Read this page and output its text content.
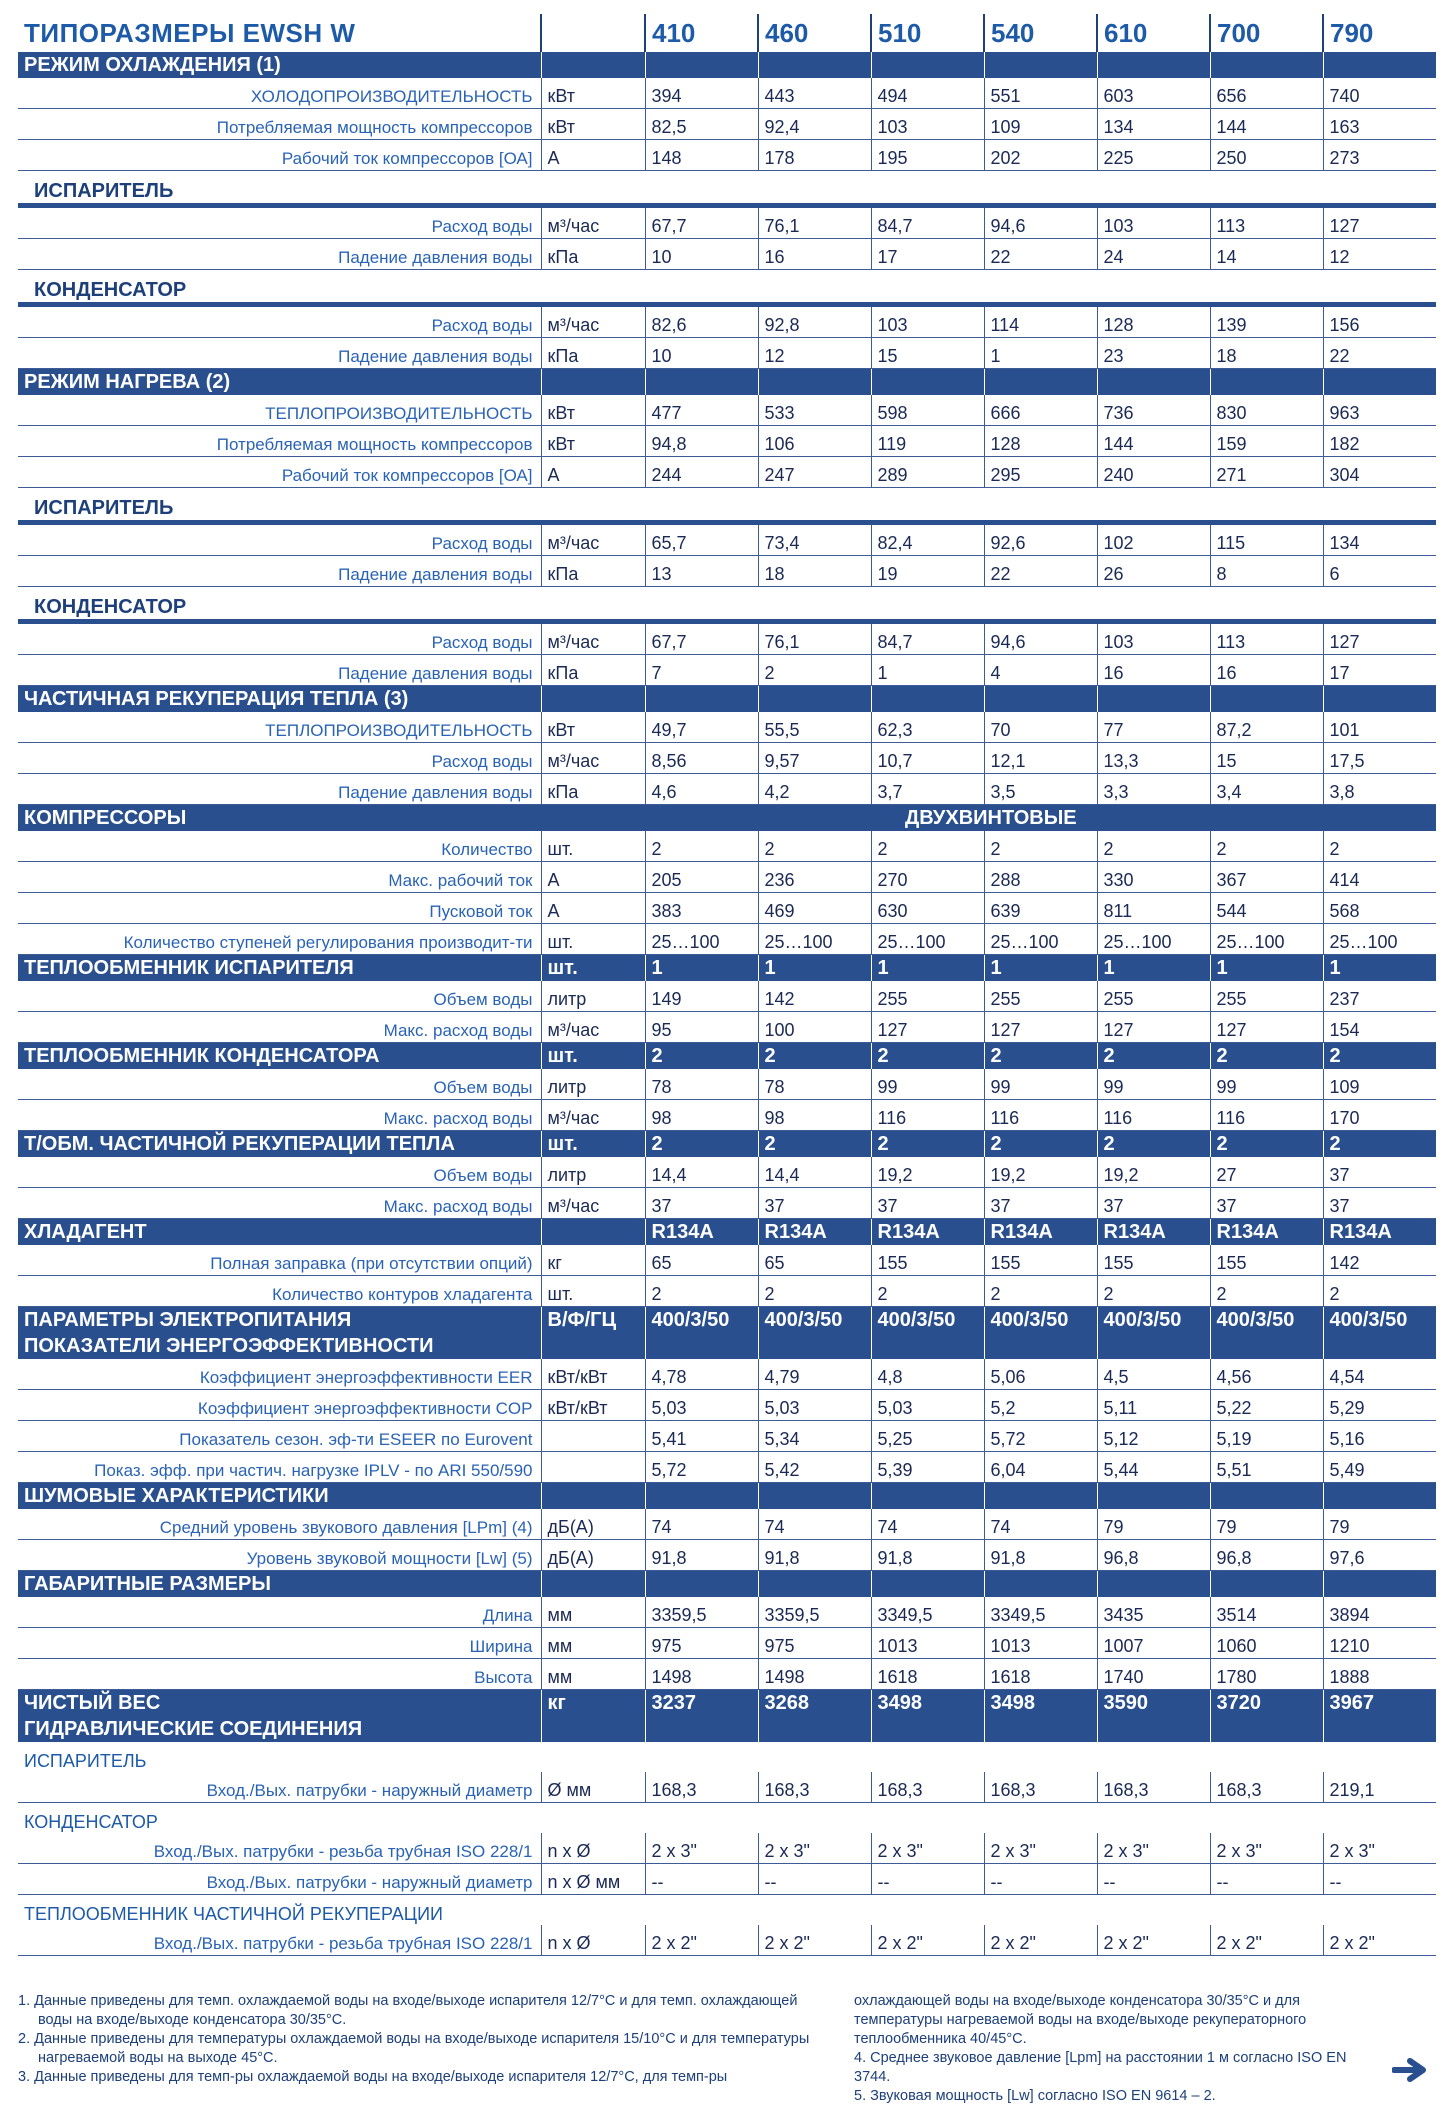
ТИПОРАЗМЕРЫ EWSH W		410	460	510	540	610	700	790
РЕЖИМ ОХЛАЖДЕНИЯ (1)								
ХОЛОДОПРОИЗВОДИТЕЛЬНОСТЬ	кВт	394	443	494	551	603	656	740
Потребляемая мощность компрессоров	кВт	82,5	92,4	103	109	134	144	163
Рабочий ток компрессоров [ОА]	А	148	178	195	202	225	250	273
ИСПАРИТЕЛЬ								
Расход воды	м³/час	67,7	76,1	84,7	94,6	103	113	127
Падение давления воды	кПа	10	16	17	22	24	14	12
КОНДЕНСАТОР								
Расход воды	м³/час	82,6	92,8	103	114	128	139	156
Падение давления воды	кПа	10	12	15	1	23	18	22
РЕЖИМ НАГРЕВА (2)								
ТЕПЛОПРОИЗВОДИТЕЛЬНОСТЬ	кВт	477	533	598	666	736	830	963
Потребляемая мощность компрессоров	кВт	94,8	106	119	128	144	159	182
Рабочий ток компрессоров [ОА]	А	244	247	289	295	240	271	304
ИСПАРИТЕЛЬ								
Расход воды	м³/час	65,7	73,4	82,4	92,6	102	115	134
Падение давления воды	кПа	13	18	19	22	26	8	6
КОНДЕНСАТОР								
Расход воды	м³/час	67,7	76,1	84,7	94,6	103	113	127
Падение давления воды	кПа	7	2	1	4	16	16	17
ЧАСТИЧНАЯ РЕКУПЕРАЦИЯ ТЕПЛА (3)								
ТЕПЛОПРОИЗВОДИТЕЛЬНОСТЬ	кВт	49,7	55,5	62,3	70	77	87,2	101
Расход воды	м³/час	8,56	9,57	10,7	12,1	13,3	15	17,5
Падение давления воды	кПа	4,6	4,2	3,7	3,5	3,3	3,4	3,8
КОМПРЕССОРЫ		ДВУХВИНТОВЫЕ						
Количество	шт.	2	2	2	2	2	2	2
Макс. рабочий ток	А	205	236	270	288	330	367	414
Пусковой ток	А	383	469	630	639	811	544	568
Количество ступеней регулирования производит-ти	шт.	25…100	25…100	25…100	25…100	25…100	25…100	25…100
ТЕПЛООБМЕННИК ИСПАРИТЕЛЯ	шт.	1	1	1	1	1	1	1
Объем воды	литр	149	142	255	255	255	255	237
Макс. расход воды	м³/час	95	100	127	127	127	127	154
ТЕПЛООБМЕННИК КОНДЕНСАТОРА	шт.	2	2	2	2	2	2	2
Объем воды	литр	78	78	99	99	99	99	109
Макс. расход воды	м³/час	98	98	116	116	116	116	170
Т/ОБМ. ЧАСТИЧНОЙ РЕКУПЕРАЦИИ ТЕПЛА	шт.	2	2	2	2	2	2	2
Объем воды	литр	14,4	14,4	19,2	19,2	19,2	27	37
Макс. расход воды	м³/час	37	37	37	37	37	37	37
ХЛАДАГЕНТ		R134A	R134A	R134A	R134A	R134A	R134A	R134A
Полная заправка (при отсутствии опций)	кг	65	65	155	155	155	155	142
Количество контуров хладагента	шт.	2	2	2	2	2	2	2
ПАРАМЕТРЫ ЭЛЕКТРОПИТАНИЯ	В/Ф/ГЦ	400/3/50	400/3/50	400/3/50	400/3/50	400/3/50	400/3/50	400/3/50
ПОКАЗАТЕЛИ ЭНЕРГОЭФФЕКТИВНОСТИ								
Коэффициент энергоэффективности EER	кВт/кВт	4,78	4,79	4,8	5,06	4,5	4,56	4,54
Коэффициент энергоэффективности COP	кВт/кВт	5,03	5,03	5,03	5,2	5,11	5,22	5,29
Показатель сезон. эф-ти ESEER по Eurovent		5,41	5,34	5,25	5,72	5,12	5,19	5,16
Показ. эфф. при частич. нагрузке IPLV - по ARI 550/590		5,72	5,42	5,39	6,04	5,44	5,51	5,49
ШУМОВЫЕ ХАРАКТЕРИСТИКИ								
Средний уровень звукового давления [LPm] (4)	дБ(А)	74	74	74	74	79	79	79
Уровень звуковой мощности [Lw] (5)	дБ(А)	91,8	91,8	91,8	91,8	96,8	96,8	97,6
ГАБАРИТНЫЕ РАЗМЕРЫ								
Длина	мм	3359,5	3359,5	3349,5	3349,5	3435	3514	3894
Ширина	мм	975	975	1013	1013	1007	1060	1210
Высота	мм	1498	1498	1618	1618	1740	1780	1888
ЧИСТЫЙ ВЕС	кг	3237	3268	3498	3498	3590	3720	3967
ГИДРАВЛИЧЕСКИЕ СОЕДИНЕНИЯ								
ИСПАРИТЕЛЬ								
Вход./Вых. патрубки - наружный диаметр	Ø мм	168,3	168,3	168,3	168,3	168,3	168,3	219,1
КОНДЕНСАТОР								
Вход./Вых. патрубки - резьба трубная ISO 228/1	n x Ø	2 x 3"	2 x 3"	2 x 3"	2 x 3"	2 x 3"	2 x 3"	2 x 3"
Вход./Вых. патрубки - наружный диаметр	n x Ø мм	--	--	--	--	--	--	--
ТЕПЛООБМЕННИК ЧАСТИЧНОЙ РЕКУПЕРАЦИИ								
Вход./Вых. патрубки - резьба трубная ISO 228/1	n x Ø	2 x 2"	2 x 2"	2 x 2"	2 x 2"	2 x 2"	2 x 2"	2 x 2"
1. Данные приведены для темп. охлаждаемой воды на входе/выходе испарителя 12/7°C и для темп. охлаждающей воды на входе/выходе конденсатора 30/35°C.
2. Данные приведены для температуры охлаждаемой воды на входе/выходе испарителя 15/10°C и для температуры нагреваемой воды на выходе 45°C.
3. Данные приведены для темп-ры охлаждаемой воды на входе/выходе испарителя 12/7°C, для темп-ры
охлаждающей воды на входе/выходе конденсатора 30/35°C и для температуры нагреваемой воды на входе/выходе рекуператорного теплообменника 40/45°C.
4. Среднее звуковое давление [Lpm] на расстоянии 1 м согласно ISO EN 3744.
5. Звуковая мощность [Lw] согласно ISO EN 9614 – 2.
